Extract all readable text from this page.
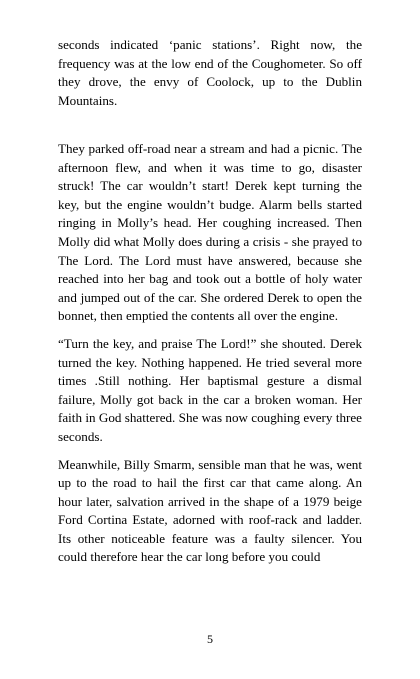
seconds indicated ‘panic stations’. Right now, the frequency was at the low end of the Coughometer. So off they drove, the envy of Coolock, up to the Dublin Mountains.

They parked off-road near a stream and had a picnic. The afternoon flew, and when it was time to go, disaster struck! The car wouldn’t start! Derek kept turning the key, but the engine wouldn’t budge. Alarm bells started ringing in Molly’s head. Her coughing increased. Then Molly did what Molly does during a crisis - she prayed to The Lord. The Lord must have answered, because she reached into her bag and took out a bottle of holy water and jumped out of the car. She ordered Derek to open the bonnet, then emptied the contents all over the engine.

“Turn the key, and praise The Lord!” she shouted. Derek turned the key. Nothing happened. He tried several more times .Still nothing. Her baptismal gesture a dismal failure, Molly got back in the car a broken woman. Her faith in God shattered. She was now coughing every three seconds.

Meanwhile, Billy Smarm, sensible man that he was, went up to the road to hail the first car that came along. An hour later, salvation arrived in the shape of a 1979 beige Ford Cortina Estate, adorned with roof-rack and ladder. Its other noticeable feature was a faulty silencer. You could therefore hear the car long before you could

5
